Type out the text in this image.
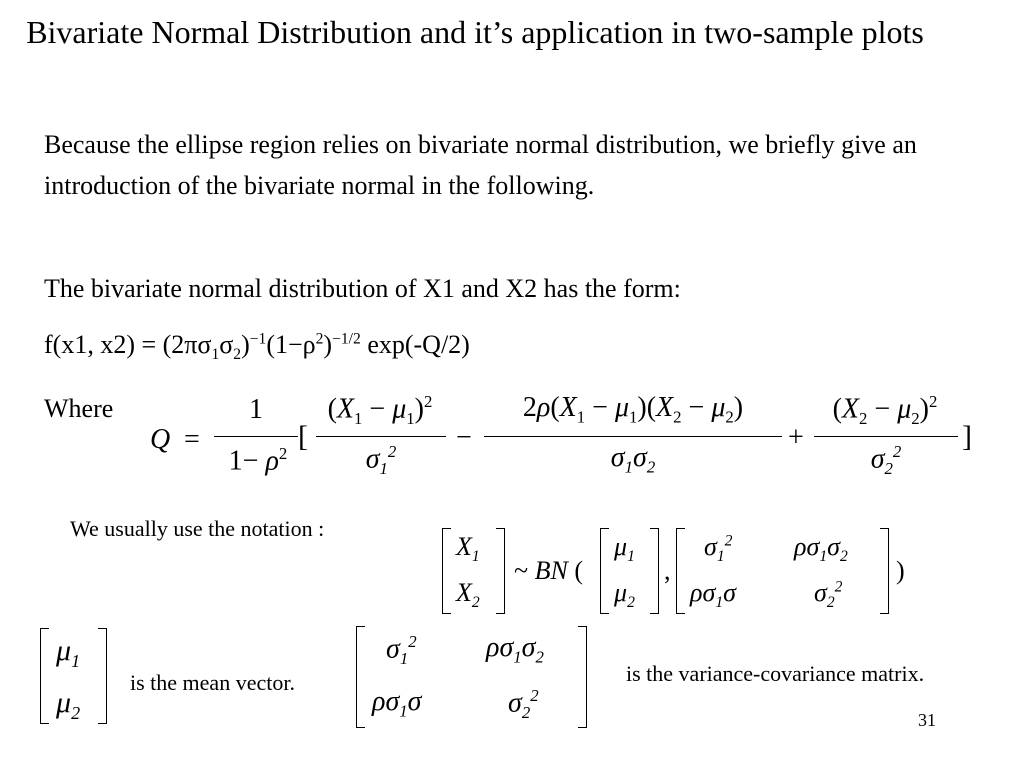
Bivariate Normal Distribution and it’s application in two-sample plots
Because the ellipse region relies on bivariate normal distribution, we briefly give an introduction of the bivariate normal in the following.
The bivariate normal distribution of X1 and X2 has the form:
f(x1, $x2) = (2\pi\sigma_1\sigma_2)^{-1}(1-\rho^2)^{-1/2}$ exp(-Q/2)
Where
Q =
1
$1- \rho^2$
[
$(X_1 - \mu_1)^2$
$\sigma_1^2$	−
$2\rho(X_1 - \mu_1)(X_2 - \mu_2)$
$\sigma_1\sigma_2$
+
$(X_2 - \mu_2)^2$
$\sigma_2^2$	]
We usually use the notation :
$X_1$
$X_2$
~ BN (
$\mu_1$
$\mu_2$
,
$\sigma_1^2$ $\rho\sigma_1\sigma_2$
$\rho\sigma_1\sigma$	$\sigma_2^2$
)
$\mu_1$
$\mu_2$
is the mean vector.
$\sigma_1^2$ $\rho\sigma_1\sigma_2$
$\rho\sigma_1\sigma$	$\sigma_2^2$
is the variance-covariance matrix.
31
